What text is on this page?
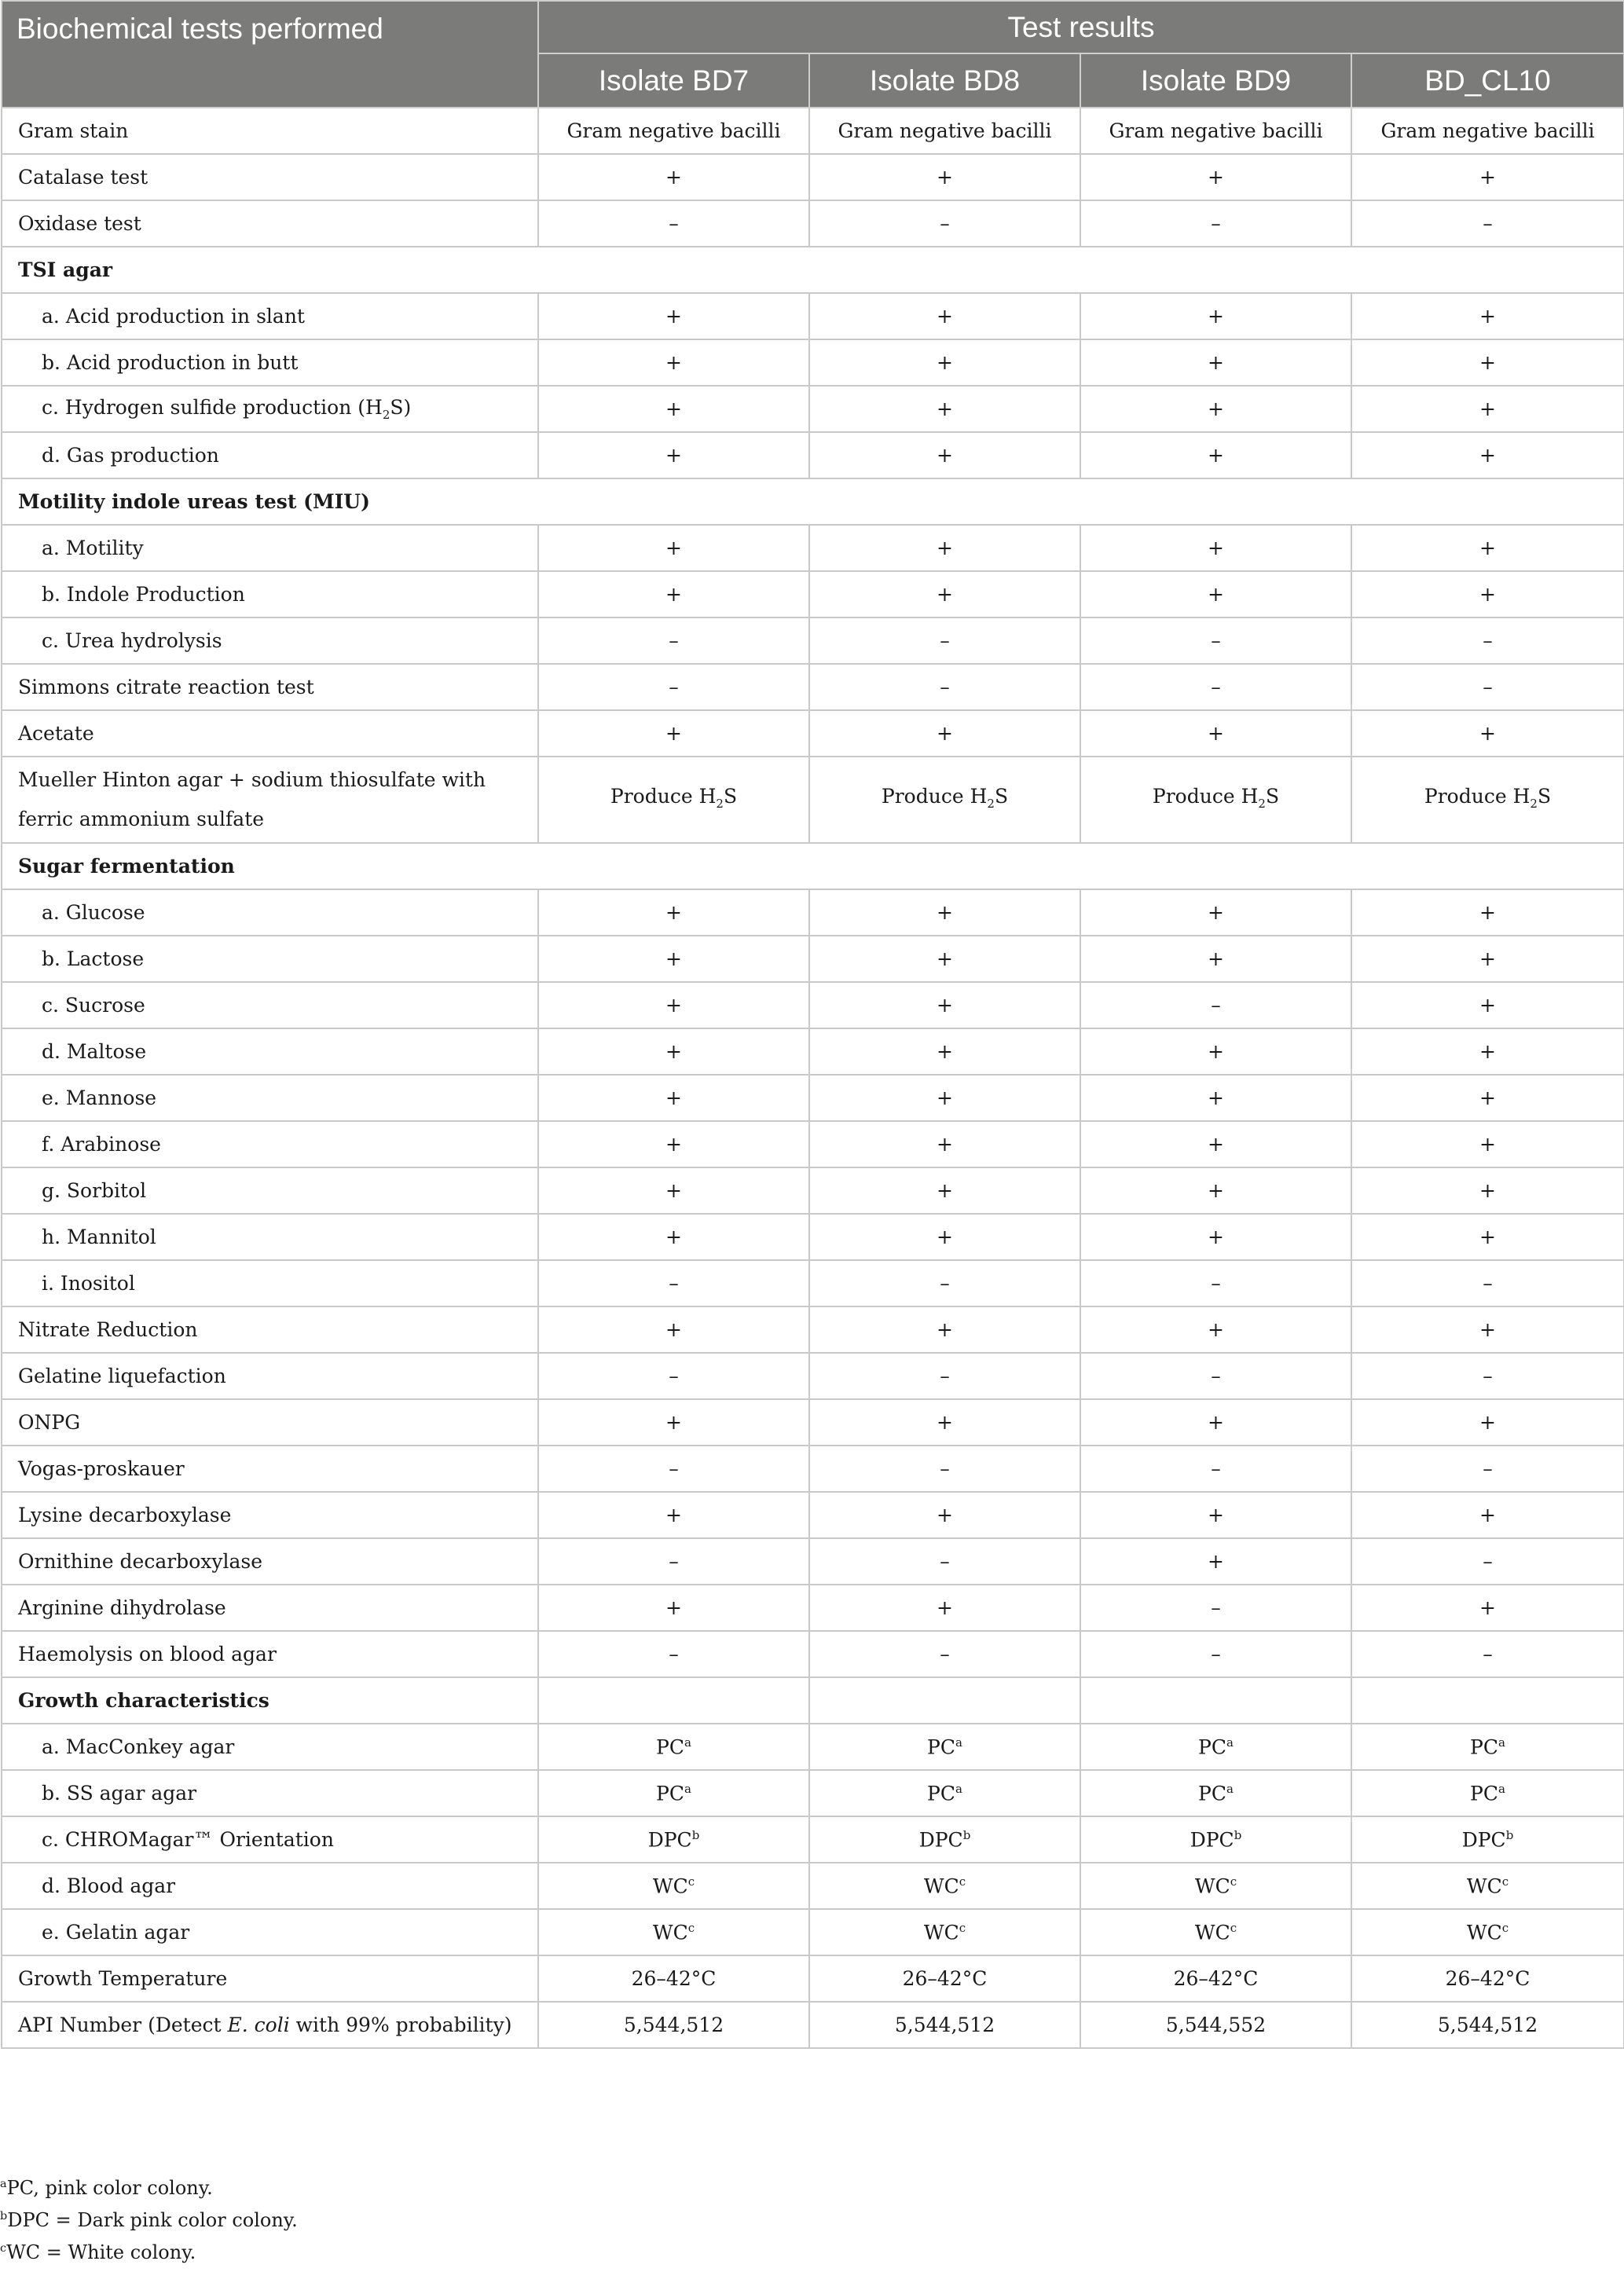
Biochemical tests performed	Test results			
	Isolate BD7	Isolate BD8	Isolate BD9	BD_CL10
Gram stain	Gram negative bacilli	Gram negative bacilli	Gram negative bacilli	Gram negative bacilli
Catalase test	+	+	+	+
Oxidase test	–	–	–	–
TSI agar				
a. Acid production in slant	+	+	+	+
b. Acid production in butt	+	+	+	+
c. Hydrogen sulfide production $(H_2S)$	+	+	+	+
d. Gas production	+	+	+	+
Motility indole ureas test (MIU)				
a. Motility	+	+	+	+
b. Indole Production	+	+	+	+
c. Urea hydrolysis	–	–	–	–
Simmons citrate reaction test	–	–	–	–
Acetate	+	+	+	+
Mueller Hinton agar + sodium thiosulfate with ferric ammonium sulfate	Produce $H_2S$	Produce $H_2S$	Produce $H_2S$	Produce $H_2S$
Sugar fermentation				
a. Glucose	+	+	+	+
b. Lactose	+	+	+	+
c. Sucrose	+	+	–	+
d. Maltose	+	+	+	+
e. Mannose	+	+	+	+
f. Arabinose	+	+	+	+
g. Sorbitol	+	+	+	+
h. Mannitol	+	+	+	+
i. Inositol	–	–	–	–
Nitrate Reduction	+	+	+	+
Gelatine liquefaction	–	–	–	–
ONPG	+	+	+	+
Vogas-proskauer	–	–	–	–
Lysine decarboxylase	+	+	+	+
Ornithine decarboxylase	–	–	+	–
Arginine dihydrolase	+	+	–	+
Haemolysis on blood agar	–	–	–	–
Growth characteristics				
a. MacConkey agar	$PC^a$	$PC^a$	$PC^a$	$PC^a$
b. SS agar agar	$PC^a$	$PC^a$	$PC^a$	$PC^a$
c. CHROMagar™ Orientation	DPC$^b$	DPC$^b$	DPC$^b$	DPC$^b$
d. Blood agar	$WC^c$	$WC^c$	$WC^c$	$WC^c$
e. Gelatin agar	$WC^c$	$WC^c$	$WC^c$	$WC^c$
Growth Temperature	26–42°C	26–42°C	26–42°C	26–42°C
API Number (Detect E. coli with 99% probability)	5,544,512	5,544,512	5,544,552	5,544,512

$^a$PC, pink color colony.

$^b$DPC = Dark pink color colony.

$^c$WC = White colony.
